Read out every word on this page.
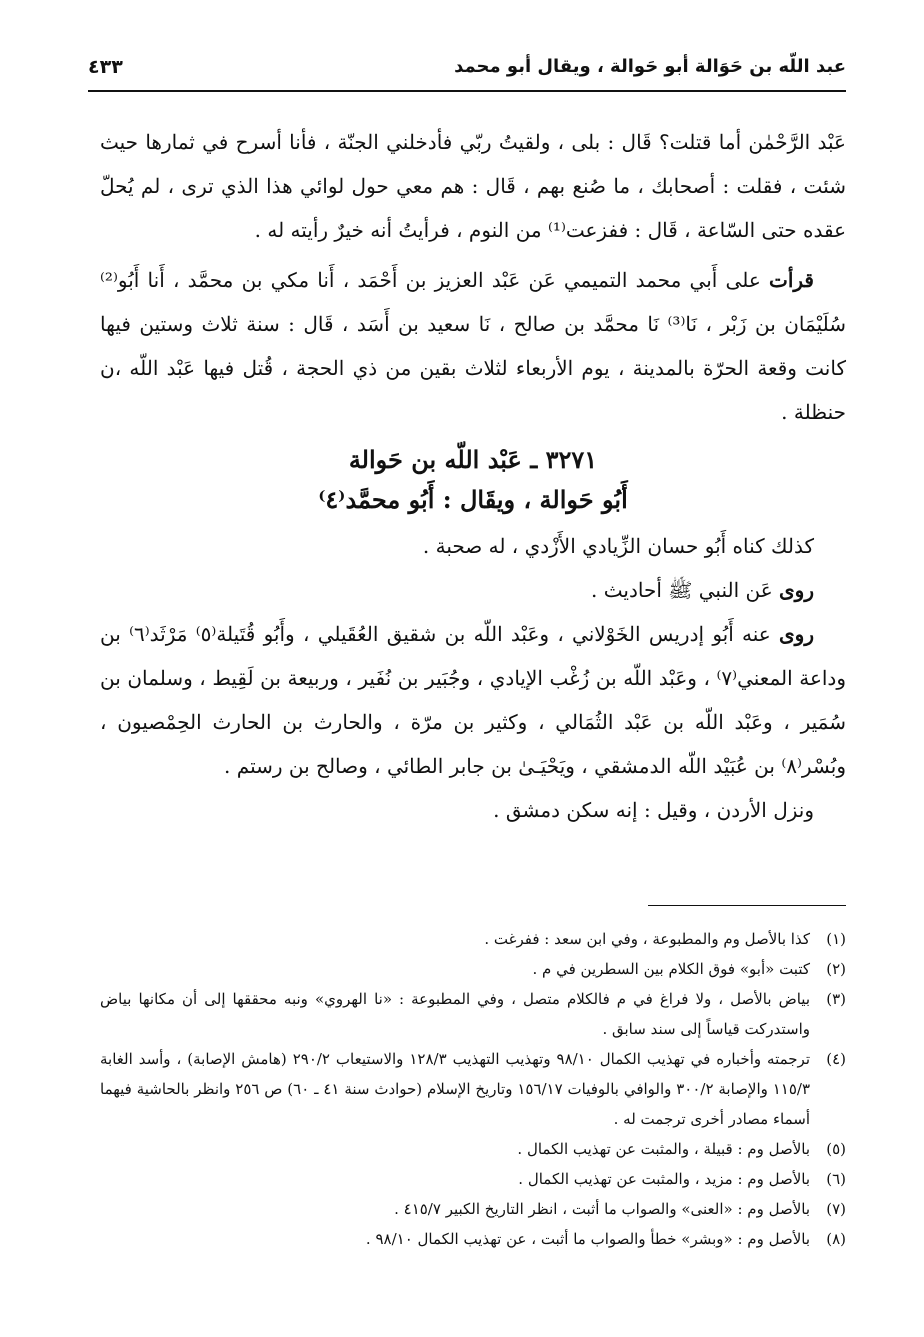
عبد اللّه بن حَوَالة أبو حَوالة ، ويقال أبو محمد
٤٣٣

عَبْد الرَّحْمٰن أما قتلت؟ قَال : بلى ، ولقيتُ ربّي فأدخلني الجنّة ، فأنا أسرح في ثمارها حيث شئت ، فقلت : أصحابك ، ما صُنع بهم ، قَال : هم معي حول لوائي هذا الذي ترى ، لم يُحلّ عقده حتى السّاعة ، قَال : ففزعت⁽¹⁾ من النوم ، فرأيتُ أنه خيرٌ رأيته له .

قرأت على أَبي محمد التميمي عَن عَبْد العزيز بن أَحْمَد ، أَنا مكي بن محمَّد ، أَنا أَبُو⁽²⁾ سُلَيْمَان بن زَبْر ، نَا⁽³⁾ نَا محمَّد بن صالح ، نَا سعيد بن أَسَد ، قَال : سنة ثلاث وستين فيها كانت وقعة الحرّة بالمدينة ، يوم الأربعاء لثلاث بقين من ذي الحجة ، قُتل فيها عَبْد اللّه ،ن حنظلة .

٣٢٧١ ـ عَبْد اللّه بن حَوالة
أَبُو حَوالة ، ويقَال : أَبُو محمَّد⁽٤⁾

كذلك كناه أَبُو حسان الزِّيادي الأَزْدي ، له صحبة .

روى عَن النبي ﷺ أحاديث .

روى عنه أَبُو إدريس الخَوْلاني ، وعَبْد اللّه بن شقيق العُقَيلي ، وأَبُو قُتَيلة⁽٥⁾ مَرْثَد⁽٦⁾ بن وداعة المعني⁽٧⁾ ، وعَبْد اللّه بن زُغْب الإيادي ، وجُبَير بن نُفَير ، وربيعة بن لَقِيط ، وسلمان بن سُمَير ، وعَبْد اللّه بن عَبْد الثُمَالي ، وكثير بن مرّة ، والحارث بن الحارث الحِمْصيون ، وبُسْر⁽٨⁾ بن عُبَيْد اللّه الدمشقي ، ويَحْيَـىٰ بن جابر الطائي ، وصالح بن رستم .

ونزل الأردن ، وقيل : إنه سكن دمشق .

(١)
كذا بالأصل وم والمطبوعة ، وفي ابن سعد : ففرغت .
(٢)
كتبت «أبو» فوق الكلام بين السطرين في م .
(٣)
بياض بالأصل ، ولا فراغ في م فالكلام متصل ، وفي المطبوعة : «نا الهروي» ونبه محققها إلى أن مكانها بياض واستدركت قياساً إلى سند سابق .
(٤)
ترجمته وأخباره في تهذيب الكمال ٩٨/١٠ وتهذيب التهذيب ١٢٨/٣ والاستيعاب ٢٩٠/٢ (هامش الإصابة) ، وأسد الغابة ١١٥/٣ والإصابة ٣٠٠/٢ والوافي بالوفيات ١٥٦/١٧ وتاريخ الإسلام (حوادث سنة ٤١ ـ ٦٠) ص ٢٥٦ وانظر بالحاشية فيهما أسماء مصادر أخرى ترجمت له .
(٥)
بالأصل وم : قبيلة ، والمثبت عن تهذيب الكمال .
(٦)
بالأصل وم : مزيد ، والمثبت عن تهذيب الكمال .
(٧)
بالأصل وم : «العنى» والصواب ما أثبت ، انظر التاريخ الكبير ٤١٥/٧ .
(٨)
بالأصل وم : «وبشر» خطأ والصواب ما أثبت ، عن تهذيب الكمال ٩٨/١٠ .
